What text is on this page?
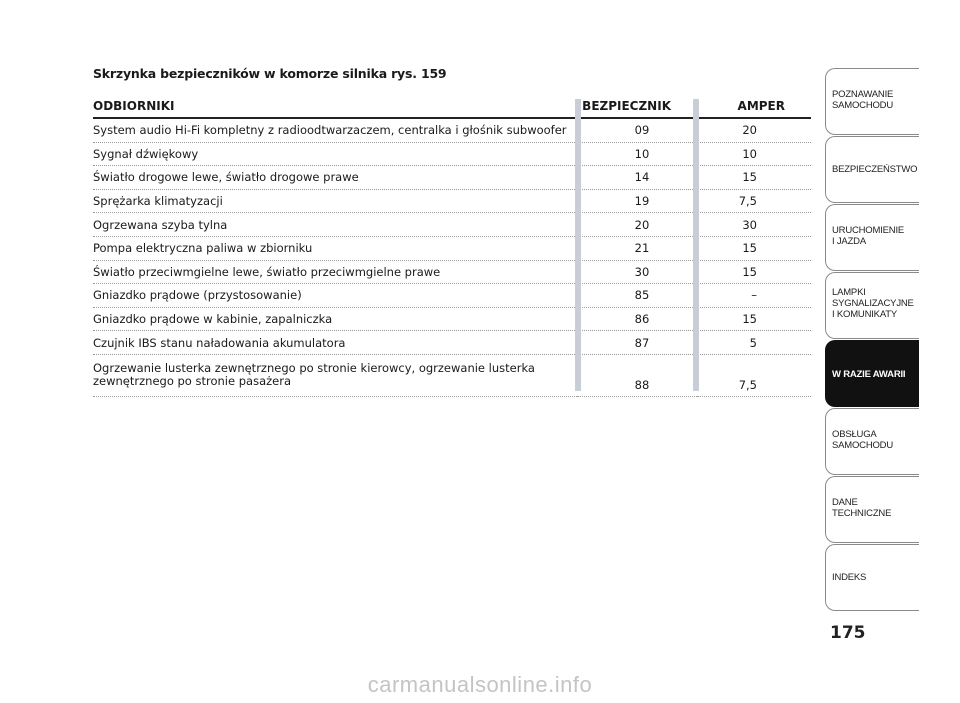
Skrzynka bezpieczników w komorze silnika rys. 159
ODBIORNIKI	BEZPIECZNIK	AMPER
System audio Hi-Fi kompletny z radioodtwarzaczem, centralka i głośnik subwoofer	09	20
Sygnał dźwiękowy	10	10
Światło drogowe lewe, światło drogowe prawe	14	15
Sprężarka klimatyzacji	19	7,5
Ogrzewana szyba tylna	20	30
Pompa elektryczna paliwa w zbiorniku	21	15
Światło przeciwmgielne lewe, światło przeciwmgielne prawe	30	15
Gniazdko prądowe (przystosowanie)	85	–
Gniazdko prądowe w kabinie, zapalniczka	86	15
Czujnik IBS stanu naładowania akumulatora	87	5
Ogrzewanie lusterka zewnętrznego po stronie kierowcy, ogrzewanie lusterka zewnętrznego po stronie pasażera	88	7,5
POZNAWANIE
SAMOCHODU
BEZPIECZEŃSTWO
URUCHOMIENIE
I JAZDA
LAMPKI
SYGNALIZACYJNE
I KOMUNIKATY
W RAZIE AWARII
OBSŁUGA
SAMOCHODU
DANE
TECHNICZNE
INDEKS
175
carmanualsonline.info
